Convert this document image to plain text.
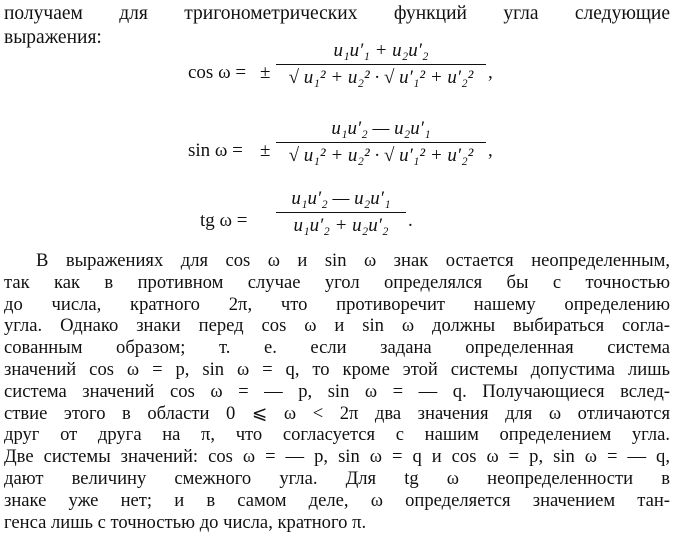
получаем для тригонометрических функций угла следующие
выражения:
cos ω = ± $\frac{\text{u₁u′₁ + u₂u′₂}}{\text{√ u₁² + u₂² · √ u′₁² + u′₂²}}$ ,
sin ω = ± $\frac{\text{u₁u′₂ — u₂u′₁}}{\text{√ u₁² + u₂² · √ u′₁² + u′₂²}}$ ,
tg $\omega = \frac{\text{u₁u′₂ — u₂u′₁}}{\text{u₁u′₂ + u₂u′₂}}$ .
В выражениях для cos ω и sin ω знак остается неопределенным,
так как в противном случае угол определялся бы с точностью
до числа, кратного 2π, что противоречит нашему определению
угла. Однако знаки перед cos ω и sin ω должны выбираться согла-
сованным образом; т. е. если задана определенная система
значений cos ω = p, sin ω = q, то кроме этой системы допустима лишь
система значений cos ω = — p, sin ω = — q. Получающиеся вслед-
ствие этого в области 0 ⩽ ω < 2π два значения для ω отличаются
друг от друга на π, что согласуется с нашим определением угла.
Две системы значений: cos ω = — p, sin ω = q и cos ω = p, sin ω = — q,
дают величину смежного угла. Для tg ω неопределенности в
знаке уже нет; и в самом деле, ω определяется значением тан-
генса лишь с точностью до числа, кратного π.
